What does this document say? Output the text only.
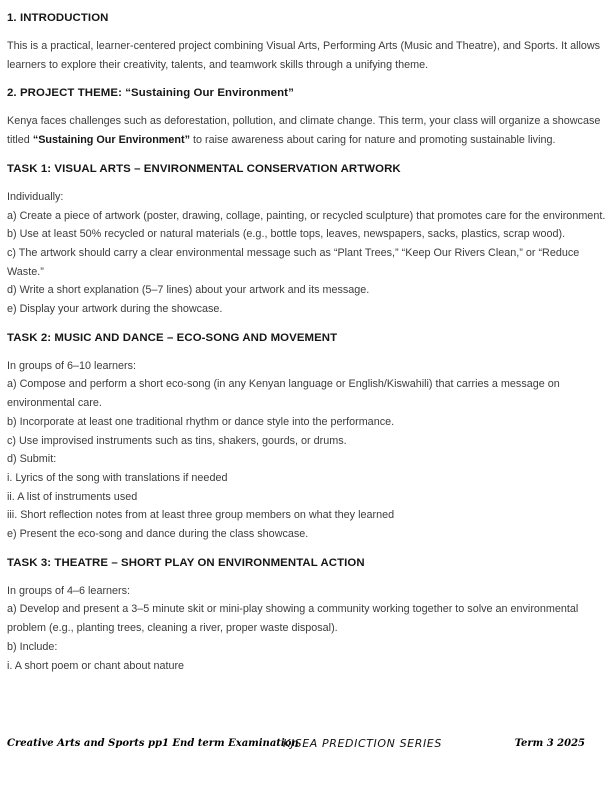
1. INTRODUCTION

This is a practical, learner-centered project combining Visual Arts, Performing Arts (Music and Theatre), and Sports. It allows learners to explore their creativity, talents, and teamwork skills through a unifying theme.

2. PROJECT THEME: “Sustaining Our Environment”

Kenya faces challenges such as deforestation, pollution, and climate change. This term, your class will organize a showcase titled “Sustaining Our Environment” to raise awareness about caring for nature and promoting sustainable living.

TASK 1: VISUAL ARTS – ENVIRONMENTAL CONSERVATION ARTWORK
Individually:
a) Create a piece of artwork (poster, drawing, collage, painting, or recycled sculpture) that promotes care for the environment.
b) Use at least 50% recycled or natural materials (e.g., bottle tops, leaves, newspapers, sacks, plastics, scrap wood).
c) The artwork should carry a clear environmental message such as “Plant Trees,” “Keep Our Rivers Clean,” or “Reduce Waste.”
d) Write a short explanation (5–7 lines) about your artwork and its message.
e) Display your artwork during the showcase.
TASK 2: MUSIC AND DANCE – ECO-SONG AND MOVEMENT
In groups of 6–10 learners:
a) Compose and perform a short eco-song (in any Kenyan language or English/Kiswahili) that carries a message on environmental care.
b) Incorporate at least one traditional rhythm or dance style into the performance.
c) Use improvised instruments such as tins, shakers, gourds, or drums.
d) Submit:
i. Lyrics of the song with translations if needed
ii. A list of instruments used
iii. Short reflection notes from at least three group members on what they learned
e) Present the eco-song and dance during the class showcase.
TASK 3: THEATRE – SHORT PLAY ON ENVIRONMENTAL ACTION
In groups of 4–6 learners:
a) Develop and present a 3–5 minute skit or mini-play showing a community working together to solve an environmental problem (e.g., planting trees, cleaning a river, proper waste disposal).
b) Include:
i. A short poem or chant about nature
Creative Arts and Sports pp1 End term Examination
KJSEA PREDICTION SERIES	Term 3 2025
